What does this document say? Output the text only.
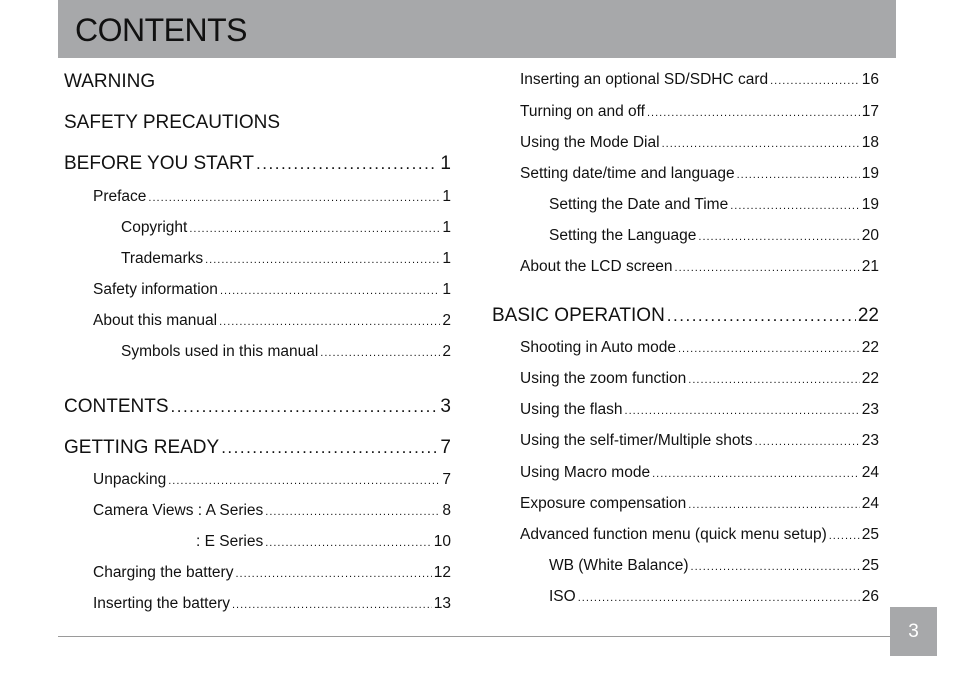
CONTENTS
WARNING
SAFETY PRECAUTIONS
BEFORE YOU START .....	1
Preface .....	1
Copyright .....	1
Trademarks .....	1
Safety information .....	1
About this manual .....	2
Symbols used in this manual .....	2
CONTENTS .....	3
GETTING READY .....	7
Unpacking .....	7
Camera Views : A Series .....	8
: E Series .....	10
Charging the battery .....	12
Inserting the battery .....	13
Inserting an optional SD/SDHC card .....	16
Turning on and off .....	17
Using the Mode Dial .....	18
Setting date/time and language .....	19
Setting the Date and Time .....	19
Setting the Language .....	20
About the LCD screen .....	21
BASIC OPERATION .....	22
Shooting in Auto mode .....	22
Using the zoom function .....	22
Using the flash .....	23
Using the self-timer/Multiple shots .....	23
Using Macro mode .....	24
Exposure compensation .....	24
Advanced function menu (quick menu setup) ..... 25
WB (White Balance) .....	25
ISO .....	26
3
